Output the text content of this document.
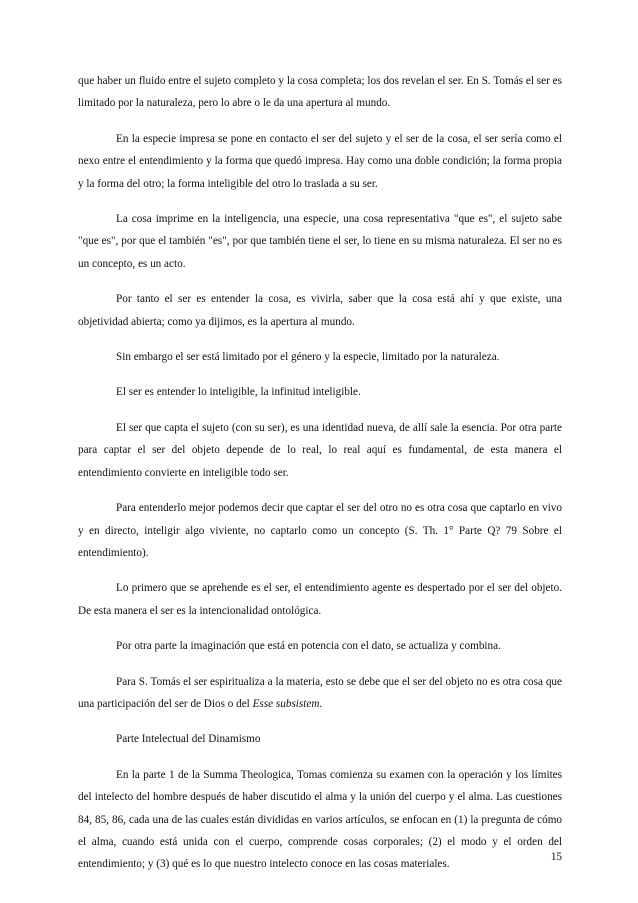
que haber un fluido entre el sujeto completo y la cosa completa; los dos revelan el ser. En S. Tomás el ser es limitado por la naturaleza, pero lo abre o le da una apertura al mundo.

En la especie impresa se pone en contacto el ser del sujeto y el ser de la cosa, el ser sería como el nexo entre el entendimiento y la forma que quedó impresa. Hay como una doble condición; la forma propia y la forma del otro; la forma inteligible del otro lo traslada a su ser.

La cosa imprime en la inteligencia, una especie, una cosa representativa "que es", el sujeto sabe "que es", por que el también "es", por que también tiene el ser, lo tiene en su misma naturaleza. El ser no es un concepto, es un acto.

Por tanto el ser es entender la cosa, es vivirla, saber que la cosa está ahí y que existe, una objetividad abierta; como ya dijimos, es la apertura al mundo.

Sin embargo el ser está limitado por el género y la especie, limitado por la naturaleza.

El ser es entender lo inteligible, la infinitud inteligible.

El ser que capta el sujeto (con su ser), es una identidad nueva, de allí sale la esencia. Por otra parte para captar el ser del objeto depende de lo real, lo real aquí es fundamental, de esta manera el entendimiento convierte en inteligible todo ser.

Para entenderlo mejor podemos decir que captar el ser del otro no es otra cosa que captarlo en vivo y en directo, inteligir algo viviente, no captarlo como un concepto (S. Th. 1° Parte Q? 79 Sobre el entendimiento).

Lo primero que se aprehende es el ser, el entendimiento agente es despertado por el ser del objeto. De esta manera el ser es la intencionalidad ontológica.

Por otra parte la imaginación que está en potencia con el dato, se actualiza y combina.

Para S. Tomás el ser espiritualiza a la materia, esto se debe que el ser del objeto no es otra cosa que una participación del ser de Dios o del Esse subsistem.

Parte Intelectual del Dinamismo

En la parte 1 de la Summa Theologica, Tomas comienza su examen con la operación y los límites del intelecto del hombre después de haber discutido el alma y la unión del cuerpo y el alma. Las cuestiones 84, 85, 86, cada una de las cuales están divididas en varios artículos, se enfocan en (1) la pregunta de cómo el alma, cuando está unida con el cuerpo, comprende cosas corporales; (2) el modo y el orden del entendimiento; y (3) qué es lo que nuestro intelecto conoce en las cosas materiales.

15
